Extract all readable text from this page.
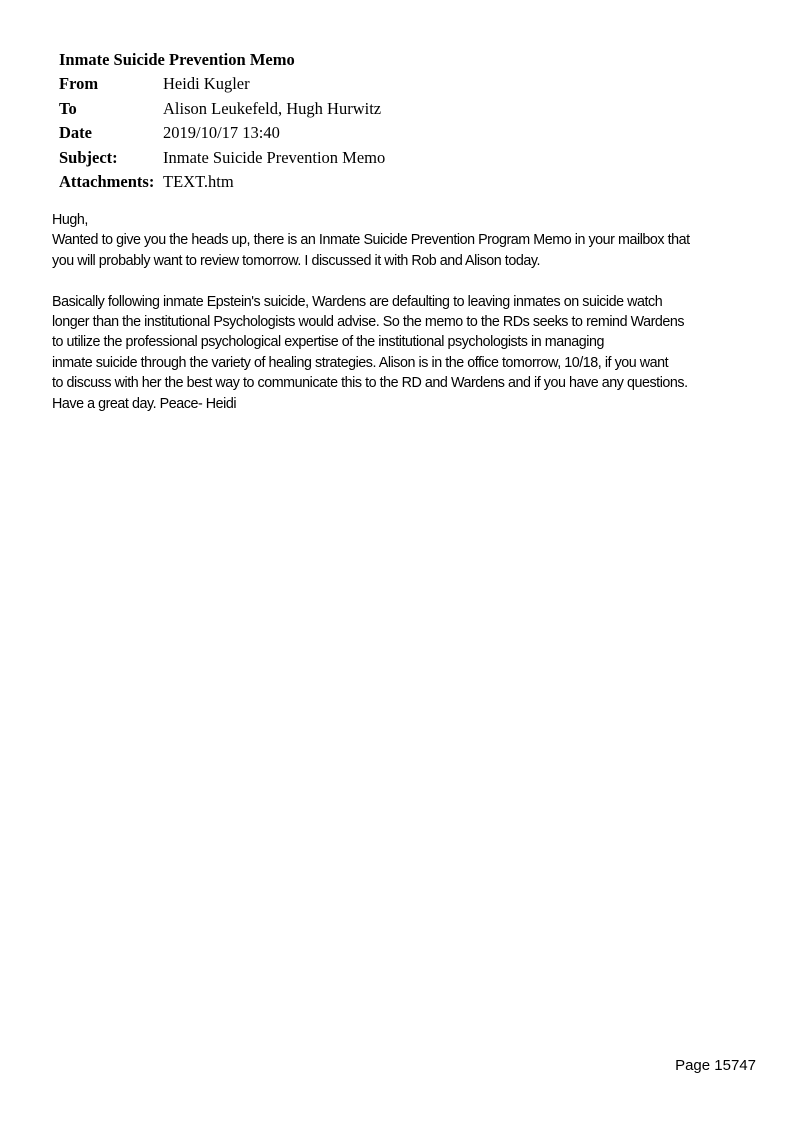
Inmate Suicide Prevention Memo
From	Heidi Kugler
To	Alison Leukefeld, Hugh Hurwitz
Date	2019/10/17 13:40
Subject:	Inmate Suicide Prevention Memo
Attachments: TEXT.htm
Hugh,
Wanted to give you the heads up, there is an Inmate Suicide Prevention Program Memo in your mailbox that
you will probably want to review tomorrow. I discussed it with Rob and Alison today.
Basically following inmate Epstein's suicide, Wardens are defaulting to leaving inmates on suicide watch
longer than the institutional Psychologists would advise. So the memo to the RDs seeks to remind Wardens
to utilize the professional psychological expertise of the institutional psychologists in managing
inmate suicide through the variety of healing strategies. Alison is in the office tomorrow, 10/18, if you want
to discuss with her the best way to communicate this to the RD and Wardens and if you have any questions.
Have a great day. Peace- Heidi
Page 15747
